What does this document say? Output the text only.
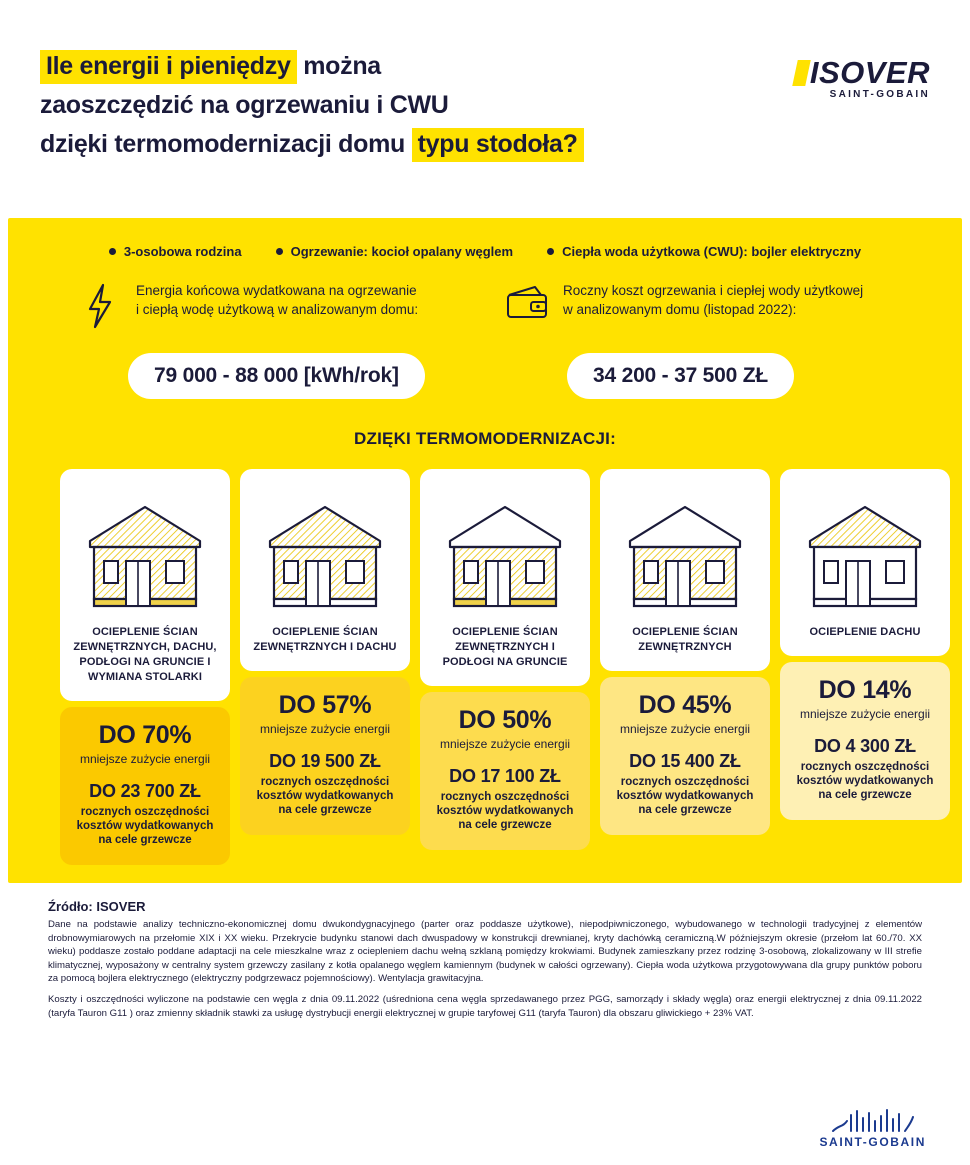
Ile energii i pieniędzy można
zaoszczędzić na ogrzewaniu i CWU
dzięki termomodernizacji domu typu stodoła?
ISOVER
SAINT-GOBAIN
3-osobowa rodzina	Ogrzewanie: kocioł opalany węglem	Ciepła woda użytkowa (CWU): bojler elektryczny
Energia końcowa wydatkowana na ogrzewanie
i ciepłą wodę użytkową w analizowanym domu:
79 000 - 88 000 [kWh/rok]
Roczny koszt ogrzewania i ciepłej wody użytkowej
w analizowanym domu (listopad 2022):
34 200 - 37 500 ZŁ
DZIĘKI TERMOMODERNIZACJI:
OCIEPLENIE ŚCIAN ZEWNĘTRZNYCH, DACHU, PODŁOGI NA GRUNCIE I WYMIANA STOLARKI
DO 70%
mniejsze zużycie energii
DO 23 700 ZŁ
rocznych oszczędności kosztów wydatkowanych na cele grzewcze
OCIEPLENIE ŚCIAN ZEWNĘTRZNYCH I DACHU
DO 57%
mniejsze zużycie energii
DO 19 500 ZŁ
rocznych oszczędności kosztów wydatkowanych na cele grzewcze
OCIEPLENIE ŚCIAN ZEWNĘTRZNYCH I PODŁOGI NA GRUNCIE
DO 50%
mniejsze zużycie energii
DO 17 100 ZŁ
rocznych oszczędności kosztów wydatkowanych na cele grzewcze
OCIEPLENIE ŚCIAN ZEWNĘTRZNYCH
DO 45%
mniejsze zużycie energii
DO 15 400 ZŁ
rocznych oszczędności kosztów wydatkowanych na cele grzewcze
OCIEPLENIE DACHU
DO 14%
mniejsze zużycie energii
DO 4 300 ZŁ
rocznych oszczędności kosztów wydatkowanych na cele grzewcze
Źródło: ISOVER
Dane na podstawie analizy techniczno-ekonomicznej domu dwukondygnacyjnego (parter oraz poddasze użytkowe), niepodpiwniczonego, wybudowanego w technologii tradycyjnej z elementów drobnowymiarowych na przełomie XIX i XX wieku. Przekrycie budynku stanowi dach dwuspadowy w konstrukcji drewnianej, kryty dachówką ceramiczną.W późniejszym okresie (przełom lat 60./70. XX wieku) poddasze zostało poddane adaptacji na cele mieszkalne wraz z ociepleniem dachu wełną szklaną pomiędzy krokwiami. Budynek zamieszkany przez rodzinę 3-osobową, zlokalizowany w III strefie klimatycznej, wyposażony w centralny system grzewczy zasilany z kotła opalanego węglem kamiennym (budynek w całości ogrzewany). Ciepła woda użytkowa przygotowywana dla grupy punktów poboru za pomocą bojlera elektrycznego (elektryczny podgrzewacz pojemnościowy). Wentylacja grawitacyjna.
Koszty i oszczędności wyliczone na podstawie cen węgla z dnia 09.11.2022 (uśredniona cena węgla sprzedawanego przez PGG, samorządy i składy węgla) oraz energii elektrycznej z dnia 09.11.2022 (taryfa Tauron G11 ) oraz zmienny składnik stawki za usługę dystrybucji energii elektrycznej w grupie taryfowej G11 (taryfa Tauron) dla obszaru gliwickiego + 23% VAT.
SAINT-GOBAIN
